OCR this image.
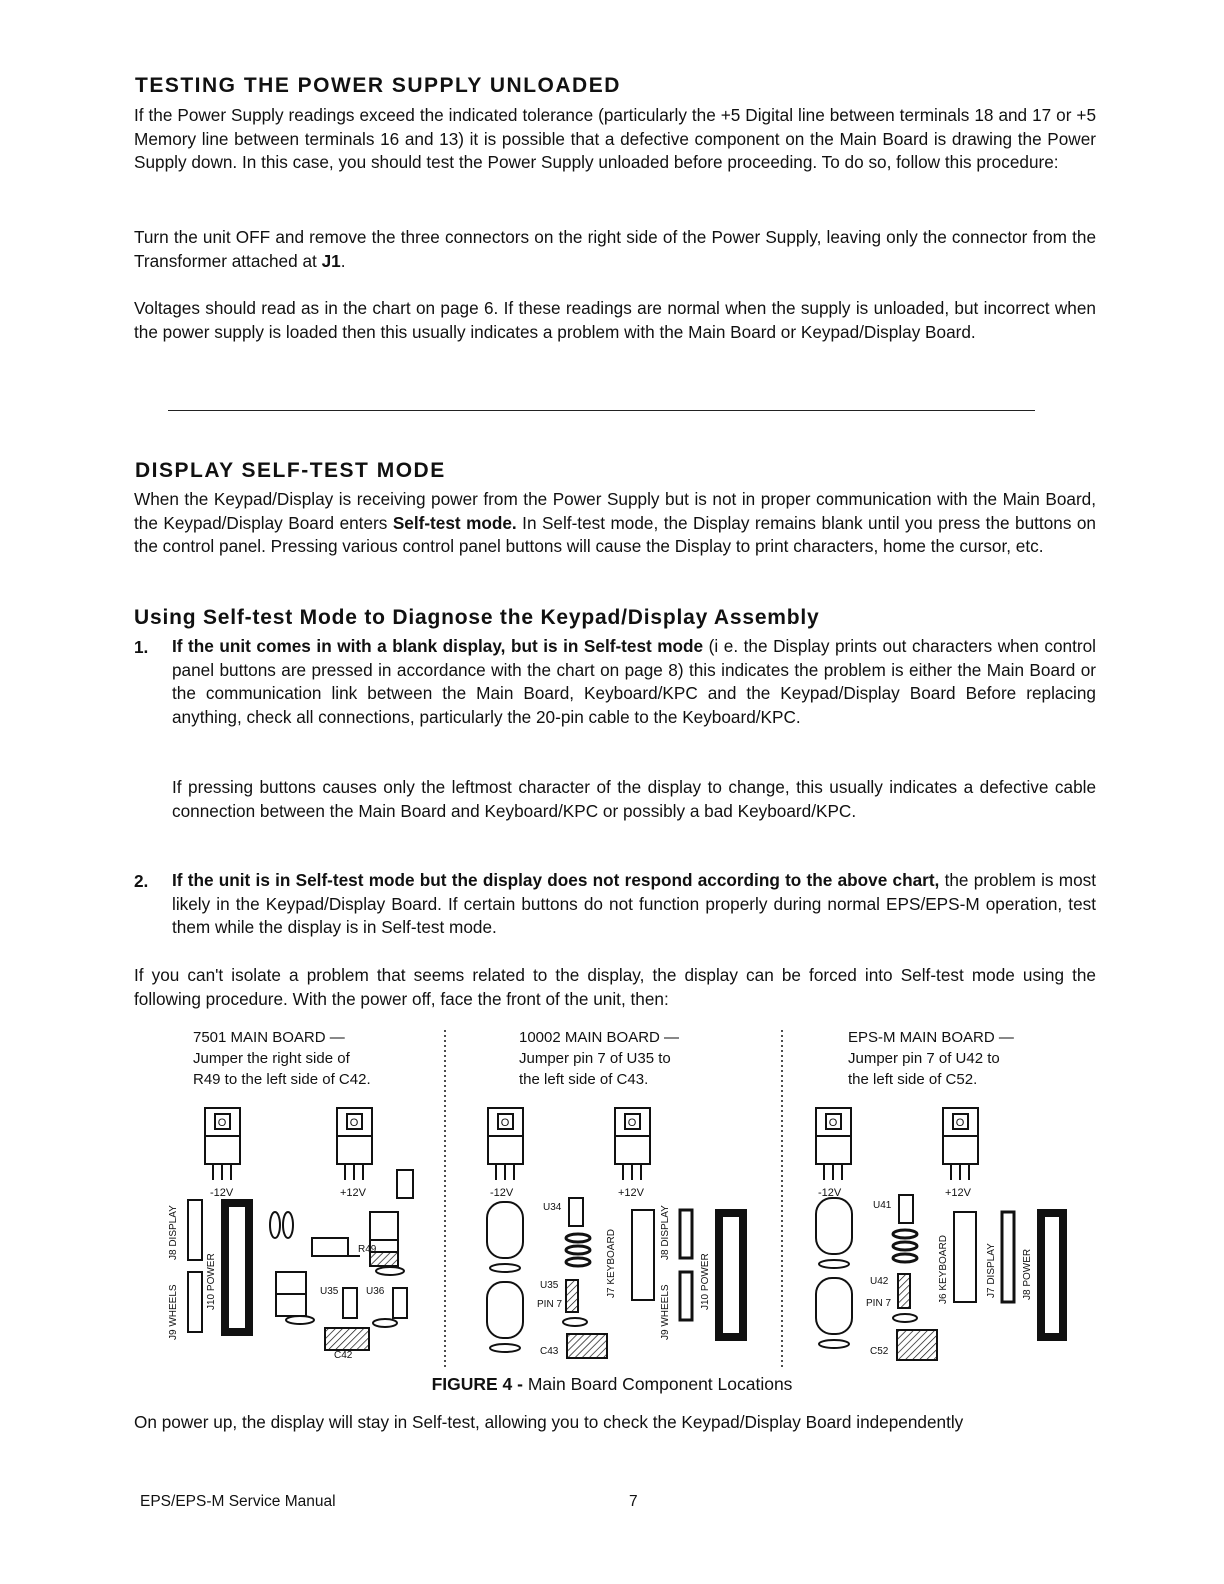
TESTING THE POWER SUPPLY UNLOADED

If the Power Supply readings exceed the indicated tolerance (particularly the +5 Digital line between terminals 18 and 17 or +5 Memory line between terminals 16 and 13) it is possible that a defective component on the Main Board is drawing the Power Supply down. In this case, you should test the Power Supply unloaded before proceeding. To do so, follow this procedure:

Turn the unit OFF and remove the three connectors on the right side of the Power Supply, leaving only the connector from the Transformer attached at J1.

Voltages should read as in the chart on page 6. If these readings are normal when the supply is unloaded, but incorrect when the power supply is loaded then this usually indicates a problem with the Main Board or Keypad/Display Board.

DISPLAY SELF-TEST MODE

When the Keypad/Display is receiving power from the Power Supply but is not in proper communication with the Main Board, the Keypad/Display Board enters Self-test mode. In Self-test mode, the Display remains blank until you press the buttons on the control panel. Pressing various control panel buttons will cause the Display to print characters, home the cursor, etc.

Using Self-test Mode to Diagnose the Keypad/Display Assembly
1. If the unit comes in with a blank display, but is in Self-test mode (i e. the Display prints out characters when control panel buttons are pressed in accordance with the chart on page 8) this indicates the problem is either the Main Board or the communication link between the Main Board, Keyboard/KPC and the Keypad/Display Board Before replacing anything, check all connections, particularly the 20-pin cable to the Keyboard/KPC.

If pressing buttons causes only the leftmost character of the display to change, this usually indicates a defective cable connection between the Main Board and Keyboard/KPC or possibly a bad Keyboard/KPC.

2. If the unit is in Self-test mode but the display does not respond according to the above chart, the problem is most likely in the Keypad/Display Board. If certain buttons do not function properly during normal EPS/EPS-M operation, test them while the display is in Self-test mode.

If you can't isolate a problem that seems related to the display, the display can be forced into Self-test mode using the following procedure. With the power off, face the front of the unit, then:

7501 MAIN BOARD —
Jumper the right side of
R49 to the left side of C42.
10002 MAIN BOARD —
Jumper pin 7 of U35 to
the left side of C43.
EPS-M MAIN BOARD —
Jumper pin 7 of U42 to
the left side of C52.
O	O	O	O	O	O
-12V	+12V	-12V	+12V	-12V	+12V
R49
U35	U36
C42
U34
U35
PIN 7
C43
U41
U42
PIN 7
C52
J9 WHEELS
J8 DISPLAY
J10 POWER	J7 KEYBOARD
J9 WHEELS
J8 DISPLAY
J10 POWER	J6 KEYBOARD	J7 DISPLAY	J8 POWER
FIGURE 4 - Main Board Component Locations

On power up, the display will stay in Self-test, allowing you to check the Keypad/Display Board independently

EPS/EPS-M Service Manual	7
